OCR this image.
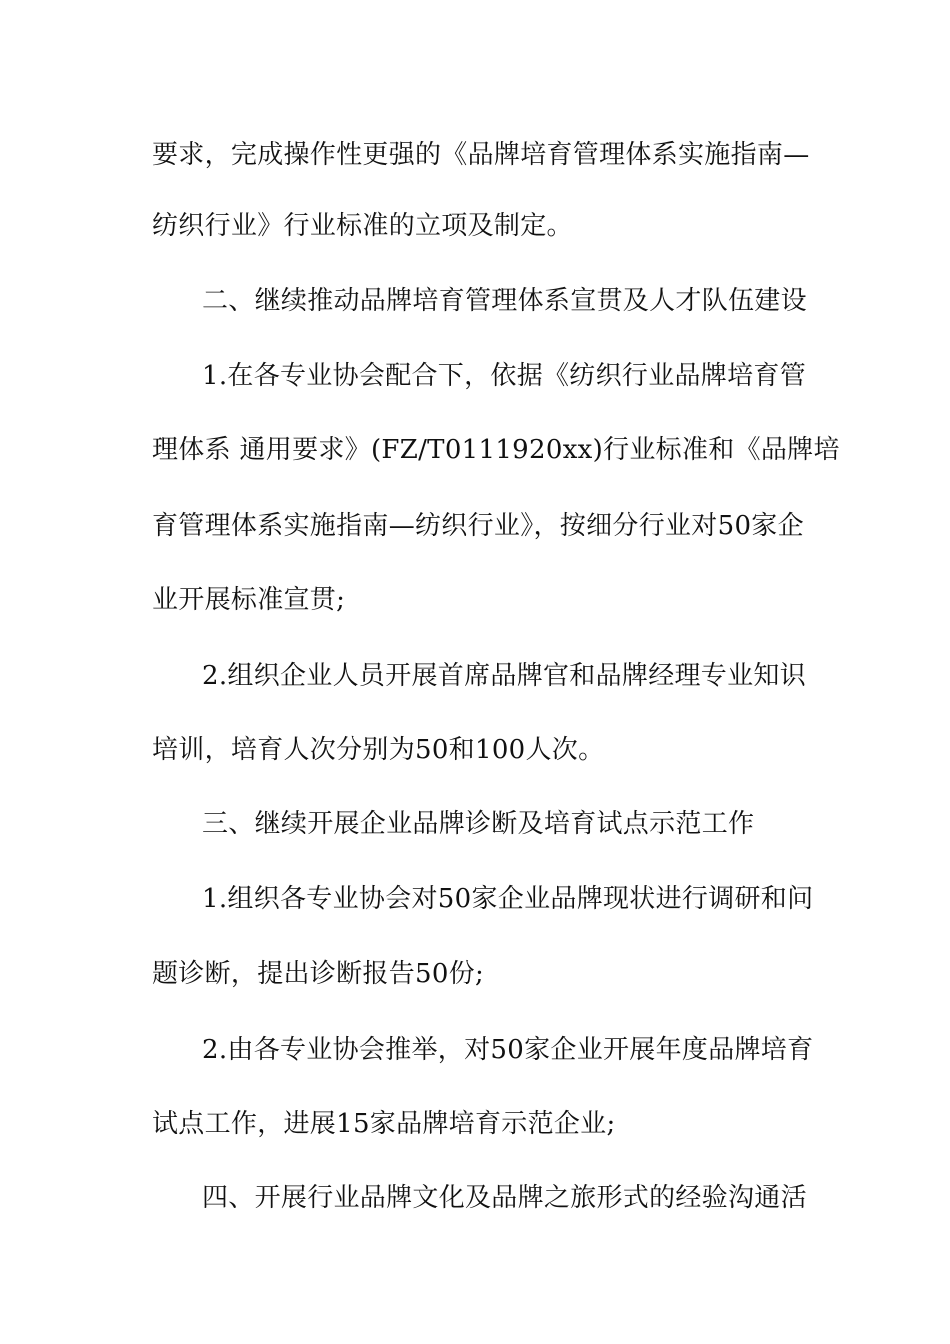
要求，完成操作性更强的《品牌培育管理体系实施指南—
纺织行业》行业标准的立项及制定。
二、继续推动品牌培育管理体系宣贯及人才队伍建设
1.在各专业协会配合下，依据《纺织行业品牌培育管
理体系 通用要求》(FZ/T0111920xx)行业标准和《品牌培
育管理体系实施指南—纺织行业》，按细分行业对50家企
业开展标准宣贯;
2.组织企业人员开展首席品牌官和品牌经理专业知识
培训，培育人次分别为50和100人次。
三、继续开展企业品牌诊断及培育试点示范工作
1.组织各专业协会对50家企业品牌现状进行调研和问
题诊断，提出诊断报告50份;
2.由各专业协会推举，对50家企业开展年度品牌培育
试点工作，进展15家品牌培育示范企业;
四、开展行业品牌文化及品牌之旅形式的经验沟通活
